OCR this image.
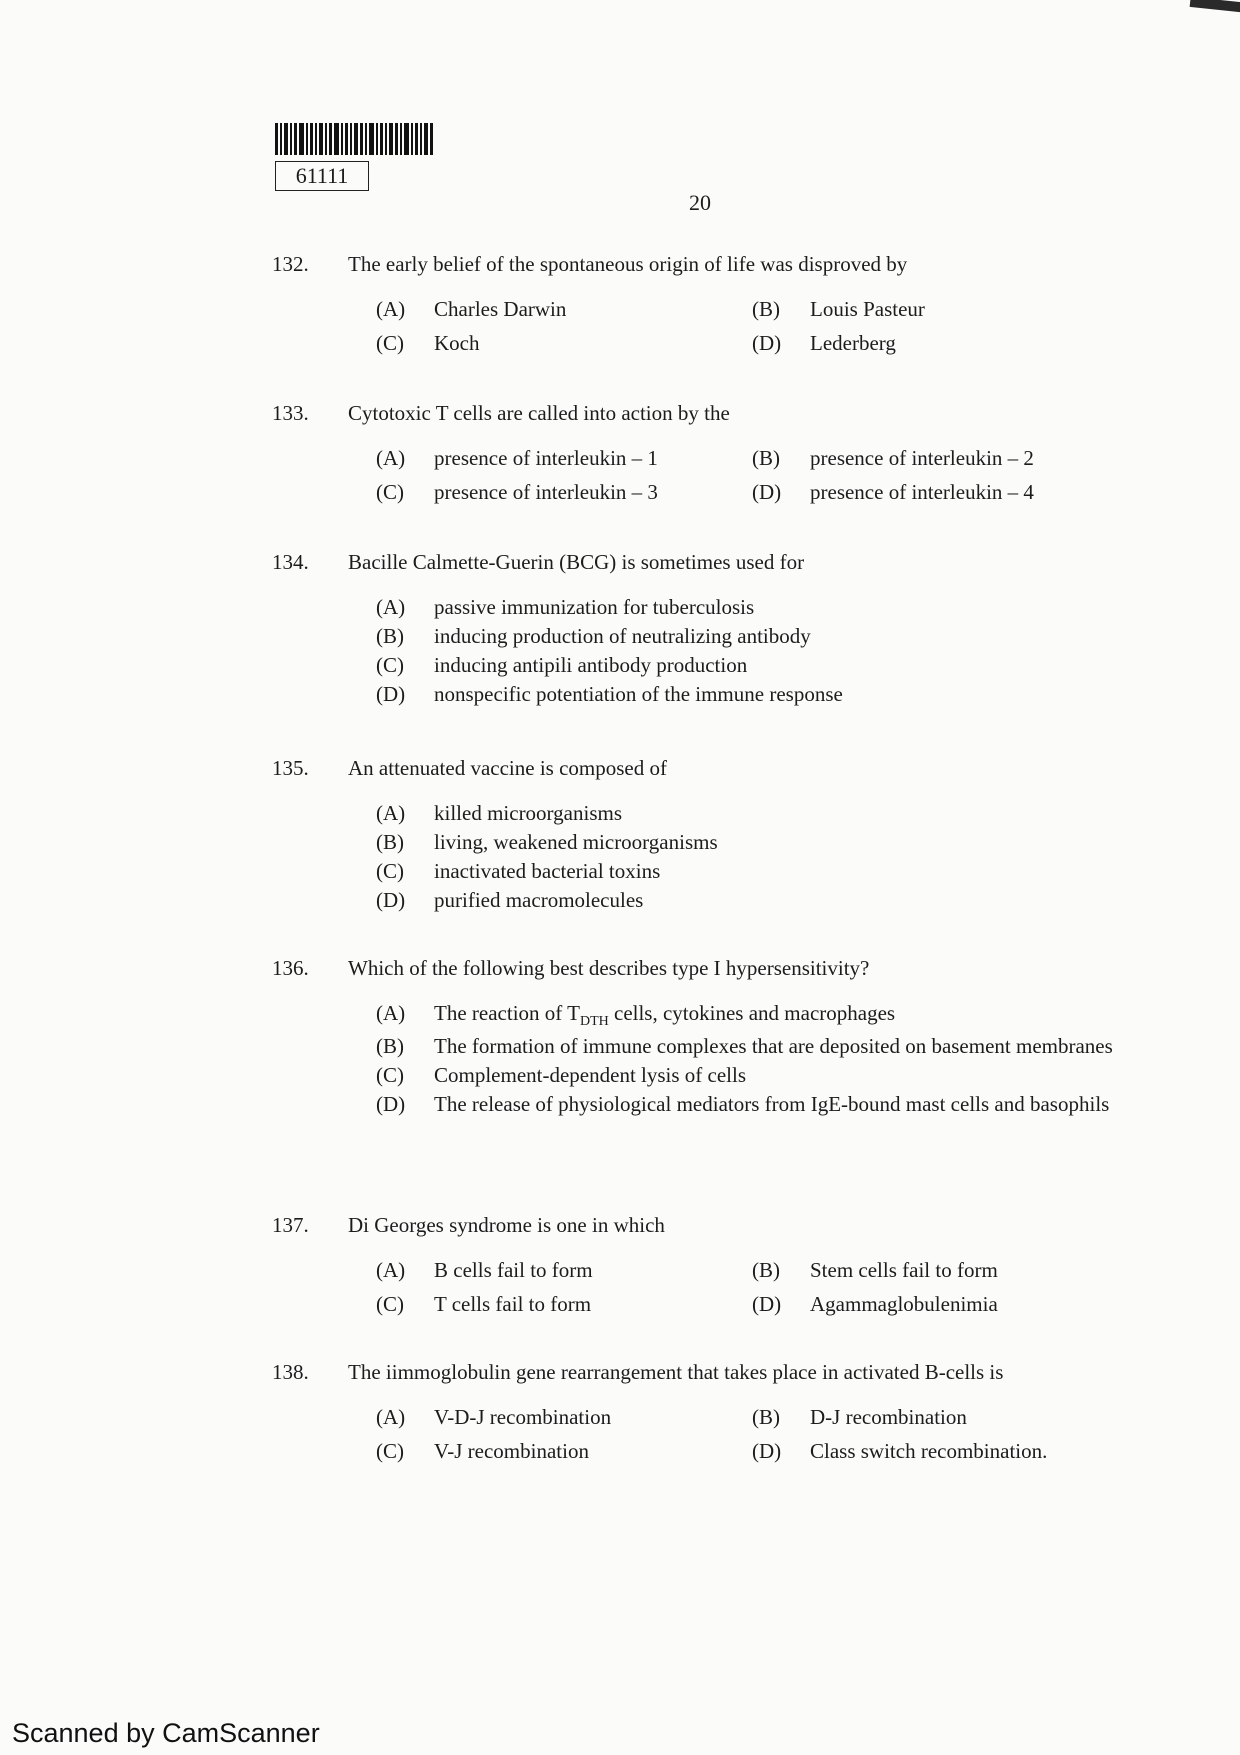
61111
20
132.	The early belief of the spontaneous origin of life was disproved by
(A)	Charles Darwin	(B)	Louis Pasteur
(C)	Koch	(D)	Lederberg
133.	Cytotoxic T cells are called into action by the
(A)	presence of interleukin – 1	(B)	presence of interleukin – 2
(C)	presence of interleukin – 3	(D)	presence of interleukin – 4
134.	Bacille Calmette-Guerin (BCG) is sometimes used for
(A)	passive immunization for tuberculosis
(B)	inducing production of neutralizing antibody
(C)	inducing antipili antibody production
(D)	nonspecific potentiation of the immune response
135.	An attenuated vaccine is composed of
(A)	killed microorganisms
(B)	living, weakened microorganisms
(C)	inactivated bacterial toxins
(D)	purified macromolecules
136.	Which of the following best describes type I hypersensitivity?
(A)	The reaction of $T_{DTH}$ cells, cytokines and macrophages
(B)	The formation of immune complexes that are deposited on basement membranes
(C)	Complement-dependent lysis of cells
(D)	The release of physiological mediators from IgE-bound mast cells and basophils
137.	Di Georges syndrome is one in which
(A)	B cells fail to form	(B)	Stem cells fail to form
(C)	T cells fail to form	(D)	Agammaglobulenimia
138.	The iimmoglobulin gene rearrangement that takes place in activated B-cells is
(A)	V-D-J recombination	(B)	D-J recombination
(C)	V-J recombination	(D)	Class switch recombination.
Scanned by CamScanner
